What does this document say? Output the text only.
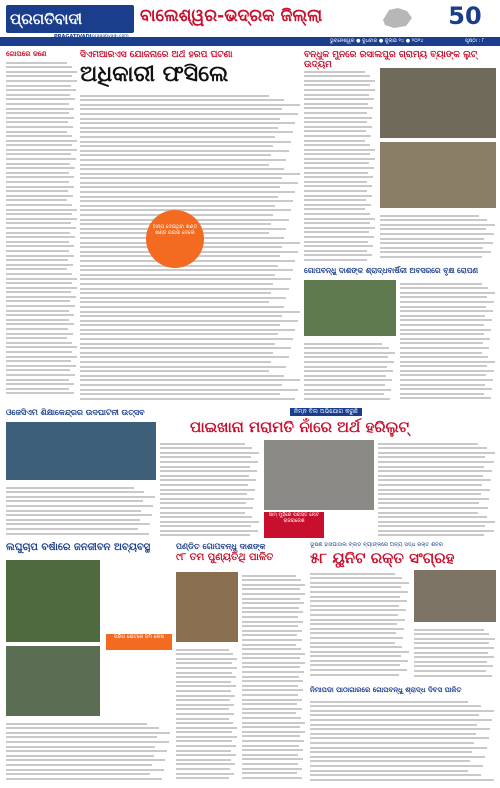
ପ୍ରଗତିବାଦୀ	ବାଲେଶ୍ୱର-ଭଦ୍ରକ ଜିଲ୍ଲା	50
ଭୁବନେଶ୍ୱର ● ବୁଧବାର ● ଜୁଲାଇ ୨୪ ● ୨୦୨୪	ପୃଷ୍ଠା : ୮
ଗୋପରେ ଜଣେ	ସିଏମଆରଏସ ଯୋଜନାରେ ଅର୍ଥ ହରପ ଘଟଣା
ଅଧିକାରୀ ଫସିଲେ
ଅନ୍ୟ ଦେଇଥିବା ଖଣ୍ଡ ଖଣ୍ଡ ପଇସା ଦେଲେ
ବନ୍ଧୁକ ମୁନରେ ରସାଲପୁର ଗ୍ରାମ୍ୟ ବ୍ୟାଙ୍କ ଲୁଟ୍‌ ଉଦ୍ୟମ
ଗୋପବନ୍ଧୁ ଦାଶଙ୍କ ଶ୍ରାଦ୍ଧବାର୍ଷିକୀ ଅବସରରେ ବୃକ୍ଷ ରୋପଣ
ଓଜେସିଏମ ଶିକ୍ଷାକେନ୍ଦ୍ରର ଉଦଘାଟନୀ ଉତ୍ସବ	ନିମ୍ନ ବିଲ ଅଭିଯୋଗ କରୁଛି
ପାଇଖାନା ମରାମତି ନାଁରେ ଅର୍ଥ ହରିଲୁଟ୍‌
ସାମ୍ ମୁହଁରେ ପରାସ୍ତ ନୋଟ ରାଜରାଜେଶ
ଲଘୁଚାପ ବର୍ଷାରେ ଜନଜୀବନ ଅବ୍ୟବସ୍ଥ
ପରିଗ କ୍ଷେତରେ ଜମି ଲେଖ
ପଣ୍ଡିତ ଗୋପବନ୍ଧୁ ଦାଶଙ୍କ
୯୮ ତମ ପୁଣ୍ୟତିଥି ପାଳିତ
ଭୂଷଣ ହାସପାତାଲ ବ୍ଲଡ ବ୍ୟାଙ୍କରେ ଅନ୍ୟ ସିଦ୍ଧ ରକ୍ତ ଶିବିର
୫୮ ୟୁନିଟ ରକ୍ତ ସଂଗ୍ରହ
ନିମାପଡା ପାଠାଗାରରେ ଗୋପବନ୍ଧୁ ଶ୍ରାଦ୍ଧ ଦିବସ ପାଳିତ
